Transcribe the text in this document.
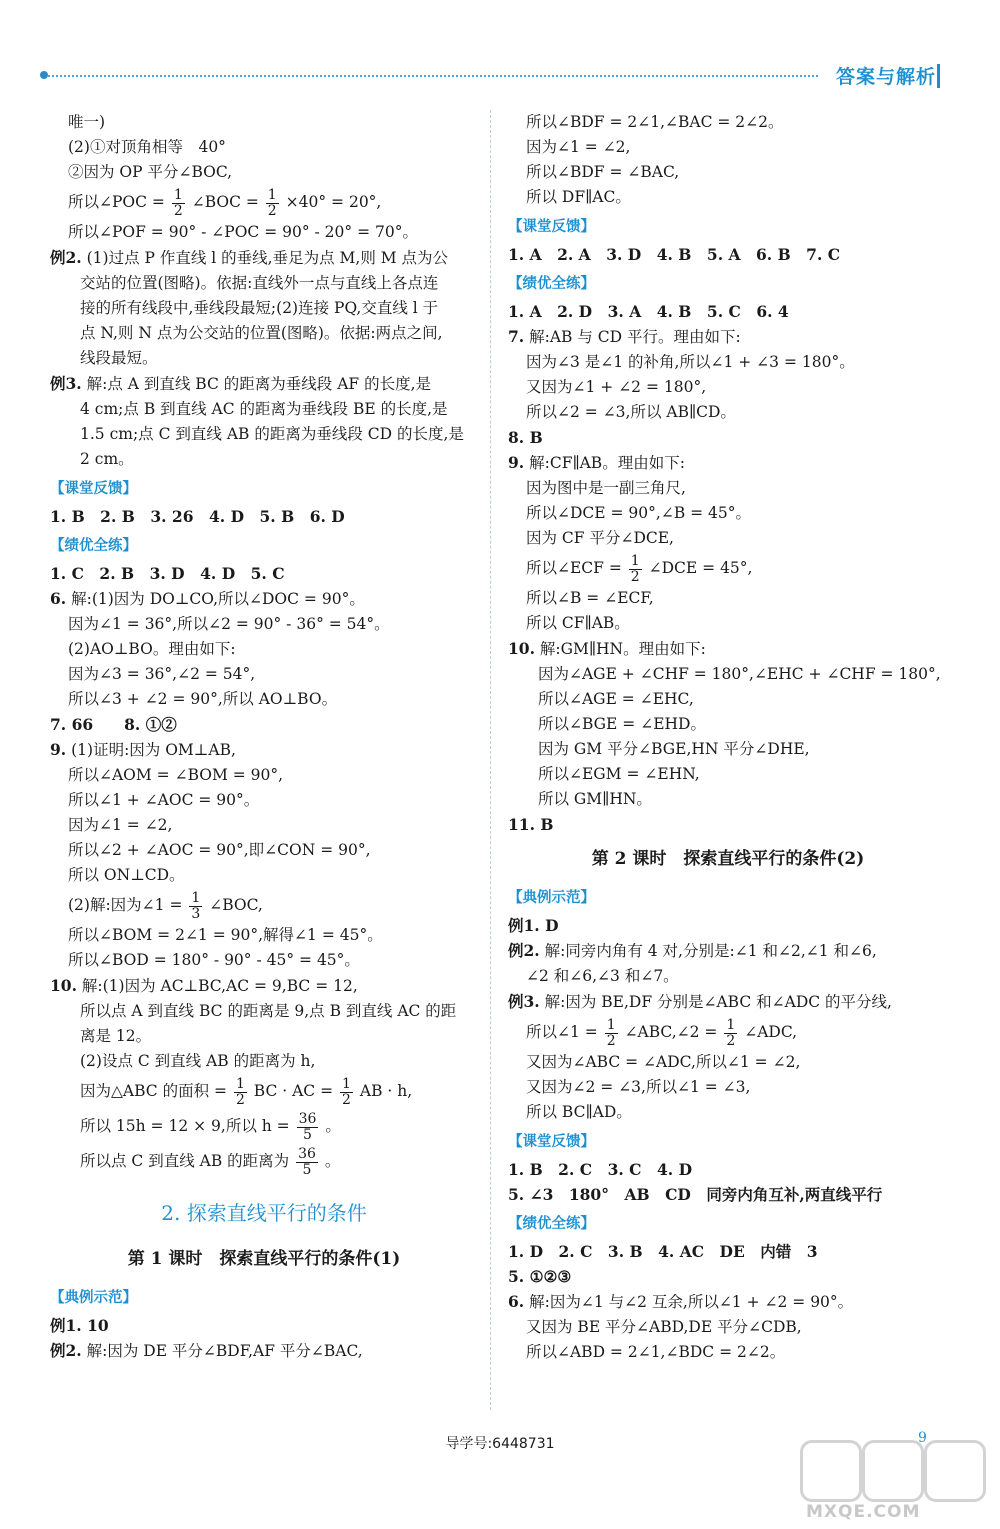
答案与解析
唯一)
(2)①对顶角相等　40°
②因为 OP 平分∠BOC,
所以∠POC = $\frac{1}{2}$ ∠BOC = $\frac{1}{2} \times 40^\circ = 20^\circ$,
所以∠POF = 90° - ∠POC = 90° - 20° = 70°。
例2. (1)过点 P 作直线 l 的垂线,垂足为点 M,则 M 点为公
交站的位置(图略)。依据:直线外一点与直线上各点连
接的所有线段中,垂线段最短;(2)连接 PQ,交直线 l 于
点 N,则 N 点为公交站的位置(图略)。依据:两点之间,
线段最短。
例3. 解:点 A 到直线 BC 的距离为垂线段 AF 的长度,是
4 cm;点 B 到直线 AC 的距离为垂线段 BE 的长度,是
1.5 cm;点 C 到直线 AB 的距离为垂线段 CD 的长度,是
2 cm。
【课堂反馈】
1. B　2. B　3. 26　4. D　5. B　6. D
【绩优全练】
1. C　2. B　3. D　4. D　5. C
6. 解:(1)因为 DO⊥CO,所以∠DOC = 90°。
因为∠1 = 36°,所以∠2 = 90° - 36° = 54°。
(2)AO⊥BO。理由如下:
因为∠3 = 36°,∠2 = 54°,
所以∠3 + ∠2 = 90°,所以 AO⊥BO。
7. 66　　8. ①②
9. (1)证明:因为 OM⊥AB,
所以∠AOM = ∠BOM = 90°,
所以∠1 + ∠AOC = 90°。
因为∠1 = ∠2,
所以∠2 + ∠AOC = 90°,即∠CON = 90°,
所以 ON⊥CD。
(2)解:因为∠1 = $\frac{1}{3}$ ∠BOC,
所以∠BOM = 2∠1 = 90°,解得∠1 = 45°。
所以∠BOD = 180° - 90° - 45° = 45°。
10. 解:(1)因为 AC⊥BC,AC = 9,BC = 12,
所以点 A 到直线 BC 的距离是 9,点 B 到直线 AC 的距
离是 12。
(2)设点 C 到直线 AB 的距离为 h,
因为△ABC 的面积 = $\frac{1}{2}$ BC · AC = $\frac{1}{2}$ AB · h,
所以 15h = 12 × 9,所以 $h = \frac{36}{5}$ 。
所以点 C 到直线 AB 的距离为 $\frac{36}{5}$ 。
2. 探索直线平行的条件
第 1 课时　探索直线平行的条件(1)
【典例示范】
例1. 10
例2. 解:因为 DE 平分∠BDF,AF 平分∠BAC,
所以∠BDF = 2∠1,∠BAC = 2∠2。
因为∠1 = ∠2,
所以∠BDF = ∠BAC,
所以 DF∥AC。
【课堂反馈】
1. A　2. A　3. D　4. B　5. A　6. B　7. C
【绩优全练】
1. A　2. D　3. A　4. B　5. C　6. 4
7. 解:AB 与 CD 平行。理由如下:
因为∠3 是∠1 的补角,所以∠1 + ∠3 = 180°。
又因为∠1 + ∠2 = 180°,
所以∠2 = ∠3,所以 AB∥CD。
8. B
9. 解:CF∥AB。理由如下:
因为图中是一副三角尺,
所以∠DCE = 90°,∠B = 45°。
因为 CF 平分∠DCE,
所以∠ECF = $\frac{1}{2}$ ∠DCE = 45°,
所以∠B = ∠ECF,
所以 CF∥AB。
10. 解:GM∥HN。理由如下:
因为∠AGE + ∠CHF = 180°,∠EHC + ∠CHF = 180°,
所以∠AGE = ∠EHC,
所以∠BGE = ∠EHD。
因为 GM 平分∠BGE,HN 平分∠DHE,
所以∠EGM = ∠EHN,
所以 GM∥HN。
11. B
第 2 课时　探索直线平行的条件(2)
【典例示范】
例1. D
例2. 解:同旁内角有 4 对,分别是:∠1 和∠2,∠1 和∠6,
∠2 和∠6,∠3 和∠7。
例3. 解:因为 BE,DF 分别是∠ABC 和∠ADC 的平分线,
所以∠1 = $\frac{1}{2}$ ∠ABC,∠2 = $\frac{1}{2}$ ∠ADC,
又因为∠ABC = ∠ADC,所以∠1 = ∠2,
又因为∠2 = ∠3,所以∠1 = ∠3,
所以 BC∥AD。
【课堂反馈】
1. B　2. C　3. C　4. D
5. ∠3　180°　AB　CD　同旁内角互补,两直线平行
【绩优全练】
1. D　2. C　3. B　4. AC　DE　内错　3
5. ①②③
6. 解:因为∠1 与∠2 互余,所以∠1 + ∠2 = 90°。
又因为 BE 平分∠ABD,DE 平分∠CDB,
所以∠ABD = 2∠1,∠BDC = 2∠2。
导学号:6448731	9
MXQE.COM
